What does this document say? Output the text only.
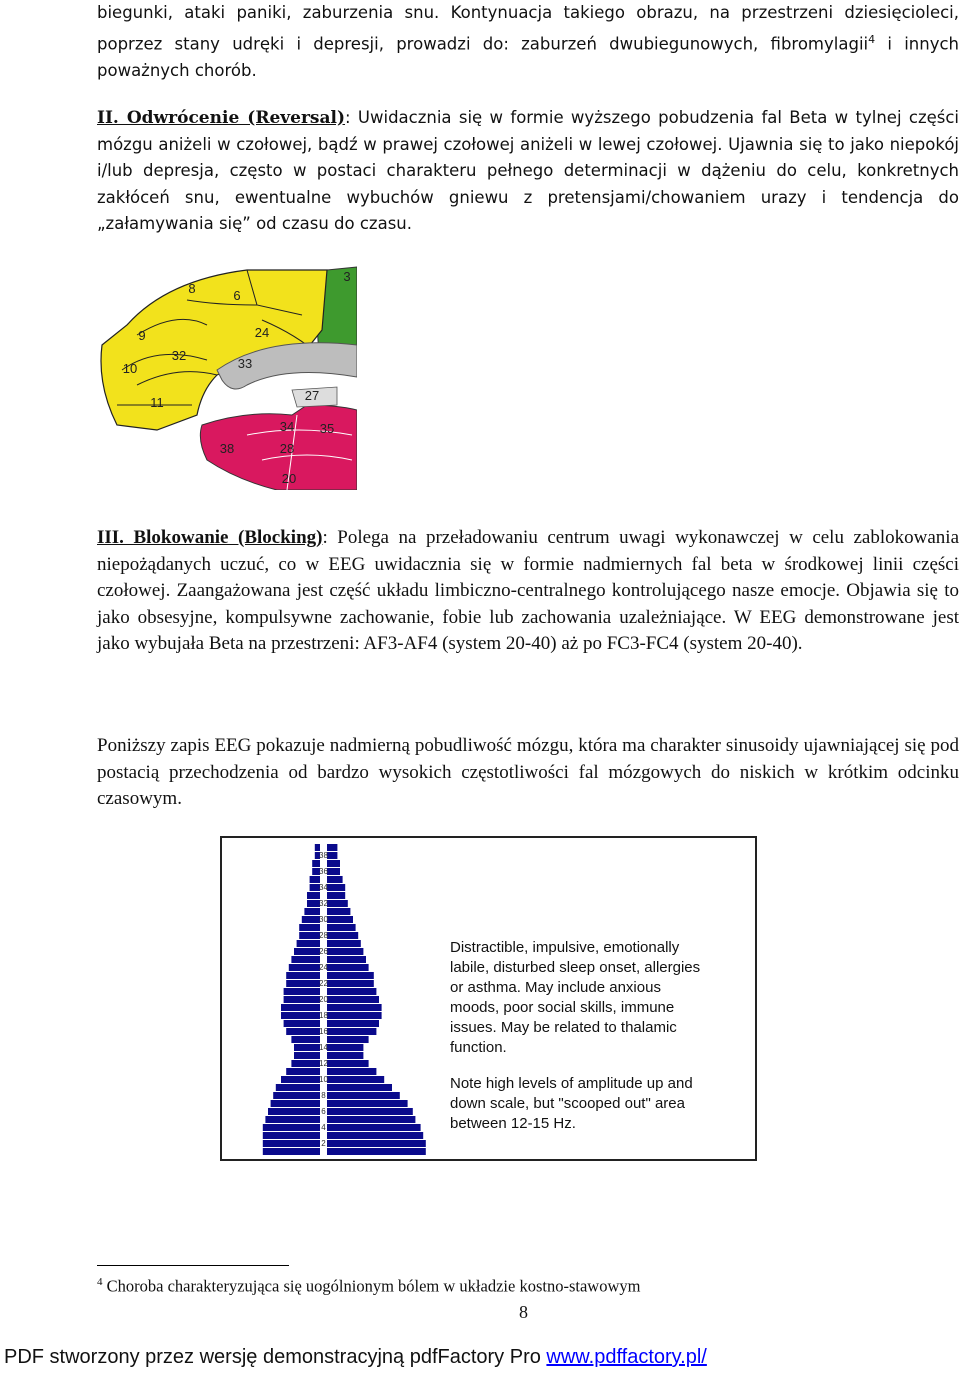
biegunki, ataki paniki, zaburzenia snu. Kontynuacja takiego obrazu, na przestrzeni dziesięcioleci, poprzez stany udręki i depresji, prowadzi do: zaburzeń dwubiegunowych, fibromylagii$^4$ i innych poważnych chorób.
II. Odwrócenie (Reversal): Uwidacznia się w formie wyższego pobudzenia fal Beta w tylnej części mózgu aniżeli w czołowej, bądź w prawej czołowej aniżeli w lewej czołowej. Ujawnia się to jako niepokój i/lub depresja, często w postaci charakteru pełnego determinacji w dążeniu do celu, konkretnych zakłóceń snu, ewentualne wybuchów gniewu z pretensjami/chowaniem urazy i tendencja do „załamywania się” od czasu do czasu.
3
6
8
9	24
32
33
10
11	27
34 35
38	28
20
III. Blokowanie (Blocking): Polega na przeładowaniu centrum uwagi wykonawczej w celu zablokowania niepożądanych uczuć, co w EEG uwidacznia się w formie nadmiernych fal beta w środkowej linii części czołowej. Zaangażowana jest część układu limbiczno-centralnego kontrolującego nasze emocje. Objawia się to jako obsesyjne, kompulsywne zachowanie, fobie lub zachowania uzależniające. W EEG demonstrowane jest jako wybujała Beta na przestrzeni: AF3-AF4 (system 20-40) aż po FC3-FC4 (system 20-40).
Poniższy zapis EEG pokazuje nadmierną pobudliwość mózgu, która ma charakter sinusoidy ujawniającej się pod postacią przechodzenia od bardzo wysokich częstotliwości fal mózgowych do niskich w krótkim odcinku czasowym.
38
36
34
32
30
28
26
24
22
20
18
16
14
12
10
8
6
4
2
Distractible, impulsive, emotionally
labile, disturbed sleep onset, allergies
or asthma. May include anxious
moods, poor social skills, immune
issues. May be related to thalamic
function.
Note high levels of amplitude up and
down scale, but "scooped out" area
between 12-15 Hz.
$^4$ Choroba charakteryzująca się uogólnionym bólem w układzie kostno-stawowym
8
PDF stworzony przez wersję demonstracyjną pdfFactory Pro www.pdffactory.pl/
